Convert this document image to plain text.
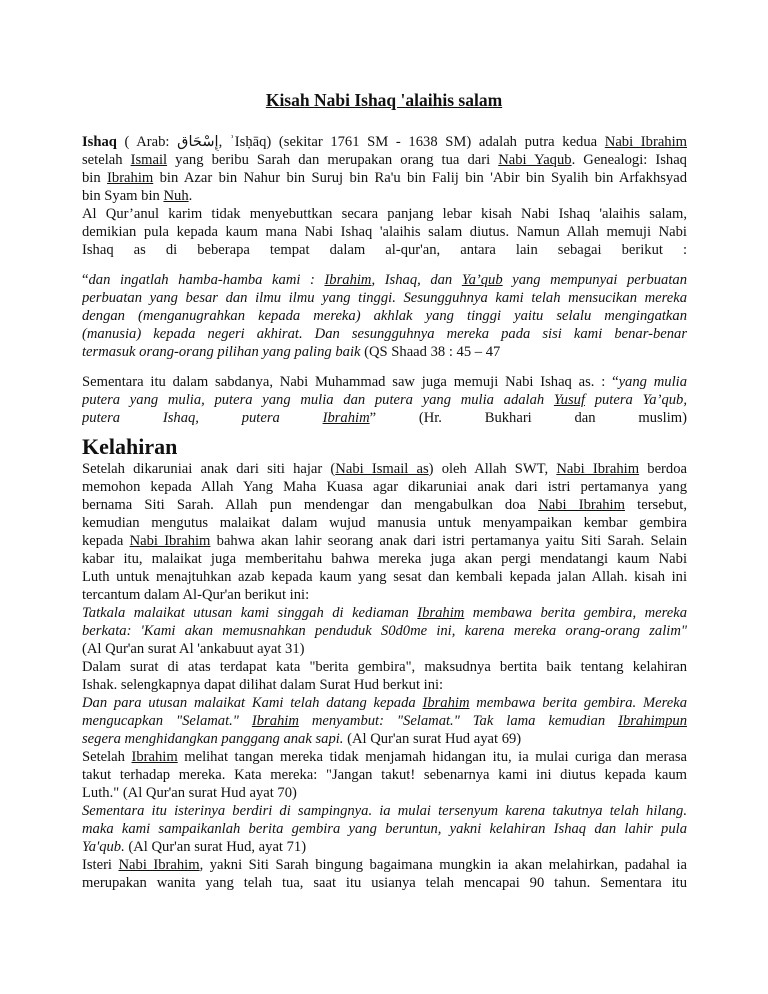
Kisah Nabi Ishaq 'alaihis salam
Ishaq ( Arab: إِسْحَاق, ʾIsḥāq) (sekitar 1761 SM - 1638 SM) adalah putra kedua Nabi Ibrahim
setelah Ismail yang beribu Sarah dan merupakan orang tua dari Nabi Yaqub. Genealogi: Ishaq
bin Ibrahim bin Azar bin Nahur bin Suruj bin Ra'u bin Falij bin 'Abir bin Syalih bin Arfakhsyad
bin Syam bin Nuh.
Al Qur’anul karim tidak menyebuttkan secara panjang lebar kisah Nabi Ishaq 'alaihis salam,
demikian pula kepada kaum mana Nabi Ishaq 'alaihis salam diutus. Namun Allah memuji Nabi
Ishaq as di beberapa tempat dalam al-qur'an, antara lain sebagai berikut :
“dan ingatlah hamba-hamba kami : Ibrahim, Ishaq, dan Ya’qub yang mempunyai perbuatan
perbuatan yang besar dan ilmu ilmu yang tinggi. Sesungguhnya kami telah mensucikan mereka
dengan (menganugrahkan kepada mereka) akhlak yang tinggi yaitu selalu mengingatkan
(manusia) kepada negeri akhirat. Dan sesungguhnya mereka pada sisi kami benar-benar
termasuk orang-orang pilihan yang paling baik (QS Shaad 38 : 45 – 47
Sementara itu dalam sabdanya, Nabi Muhammad saw juga memuji Nabi Ishaq as. : “yang mulia
putera yang mulia, putera yang mulia dan putera yang mulia adalah Yusuf putera Ya’qub,
putera Ishaq, putera Ibrahim” (Hr. Bukhari dan muslim)
Kelahiran
Setelah dikaruniai anak dari siti hajar (Nabi Ismail as) oleh Allah SWT, Nabi Ibrahim berdoa
memohon kepada Allah Yang Maha Kuasa agar dikaruniai anak dari istri pertamanya yang
bernama Siti Sarah. Allah pun mendengar dan mengabulkan doa Nabi Ibrahim tersebut,
kemudian mengutus malaikat dalam wujud manusia untuk menyampaikan kembar gembira
kepada Nabi Ibrahim bahwa akan lahir seorang anak dari istri pertamanya yaitu Siti Sarah. Selain
kabar itu, malaikat juga memberitahu bahwa mereka juga akan pergi mendatangi kaum Nabi
Luth untuk menajtuhkan azab kepada kaum yang sesat dan kembali kepada jalan Allah. kisah ini
tercantum dalam Al-Qur'an berikut ini:
Tatkala malaikat utusan kami singgah di kediaman Ibrahim membawa berita gembira, mereka
berkata: 'Kami akan memusnahkan penduduk S0d0me ini, karena mereka orang-orang zalim"
(Al Qur'an surat Al 'ankabuut ayat 31)
Dalam surat di atas terdapat kata "berita gembira", maksudnya bertita baik tentang kelahiran
Ishak. selengkapnya dapat dilihat dalam Surat Hud berkut ini:
Dan para utusan malaikat Kami telah datang kepada Ibrahim membawa berita gembira. Mereka
mengucapkan "Selamat." Ibrahim menyambut: "Selamat." Tak lama kemudian Ibrahimpun
segera menghidangkan panggang anak sapi. (Al Qur'an surat Hud ayat 69)
Setelah Ibrahim melihat tangan mereka tidak menjamah hidangan itu, ia mulai curiga dan merasa
takut terhadap mereka. Kata mereka: "Jangan takut! sebenarnya kami ini diutus kepada kaum
Luth." (Al Qur'an surat Hud ayat 70)
Sementara itu isterinya berdiri di sampingnya. ia mulai tersenyum karena takutnya telah hilang.
maka kami sampaikanlah berita gembira yang beruntun, yakni kelahiran Ishaq dan lahir pula
Ya'qub. (Al Qur'an surat Hud, ayat 71)
Isteri Nabi Ibrahim, yakni Siti Sarah bingung bagaimana mungkin ia akan melahirkan, padahal ia
merupakan wanita yang telah tua, saat itu usianya telah mencapai 90 tahun. Sementara itu
